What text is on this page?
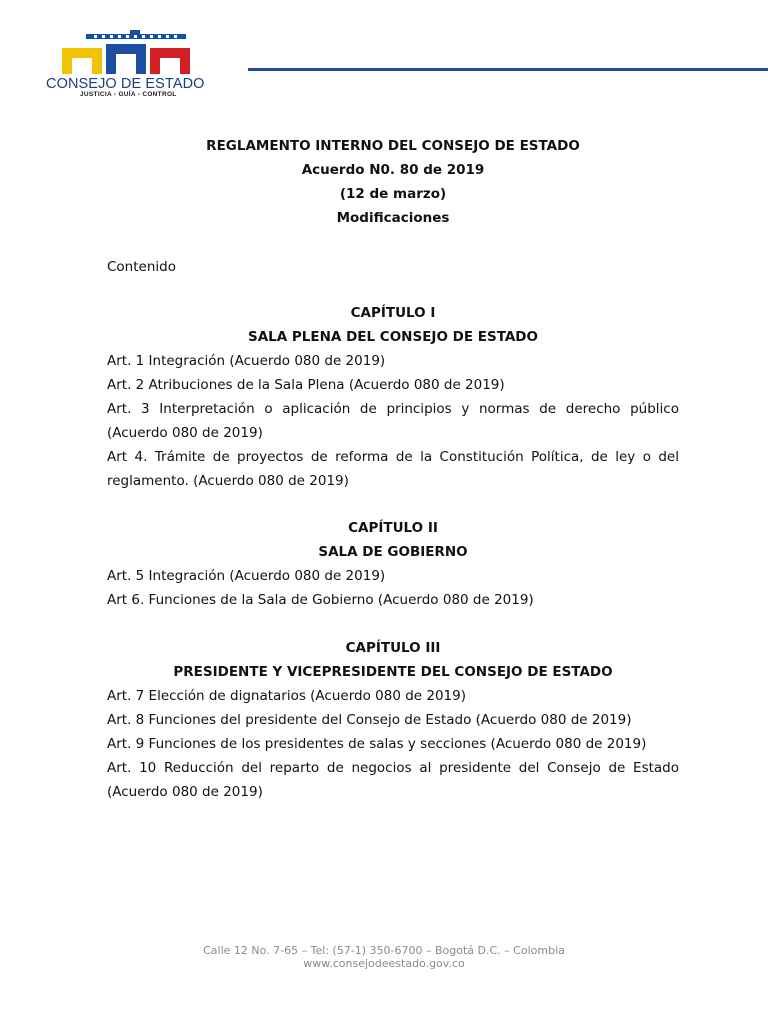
CONSEJO DE ESTADO
JUSTICIA - GUÍA - CONTROL
REGLAMENTO INTERNO DEL CONSEJO DE ESTADO
Acuerdo N0. 80 de 2019
(12 de marzo)
Modificaciones
Contenido
CAPÍTULO I
SALA PLENA DEL CONSEJO DE ESTADO
Art. 1 Integración (Acuerdo 080 de 2019)
Art. 2 Atribuciones de la Sala Plena (Acuerdo 080 de 2019)
Art. 3 Interpretación o aplicación de principios y normas de derecho público (Acuerdo 080 de 2019)
Art 4. Trámite de proyectos de reforma de la Constitución Política, de ley o del reglamento. (Acuerdo 080 de 2019)
CAPÍTULO II
SALA DE GOBIERNO
Art. 5 Integración (Acuerdo 080 de 2019)
Art 6. Funciones de la Sala de Gobierno (Acuerdo 080 de 2019)
CAPÍTULO III
PRESIDENTE Y VICEPRESIDENTE DEL CONSEJO DE ESTADO
Art. 7 Elección de dignatarios (Acuerdo 080 de 2019)
Art. 8 Funciones del presidente del Consejo de Estado (Acuerdo 080 de 2019)
Art. 9 Funciones de los presidentes de salas y secciones (Acuerdo 080 de 2019)
Art. 10 Reducción del reparto de negocios al presidente del Consejo de Estado (Acuerdo 080 de 2019)
Calle 12 No. 7-65 – Tel: (57-1) 350-6700 – Bogotá D.C. – Colombia
www.consejodeestado.gov.co
